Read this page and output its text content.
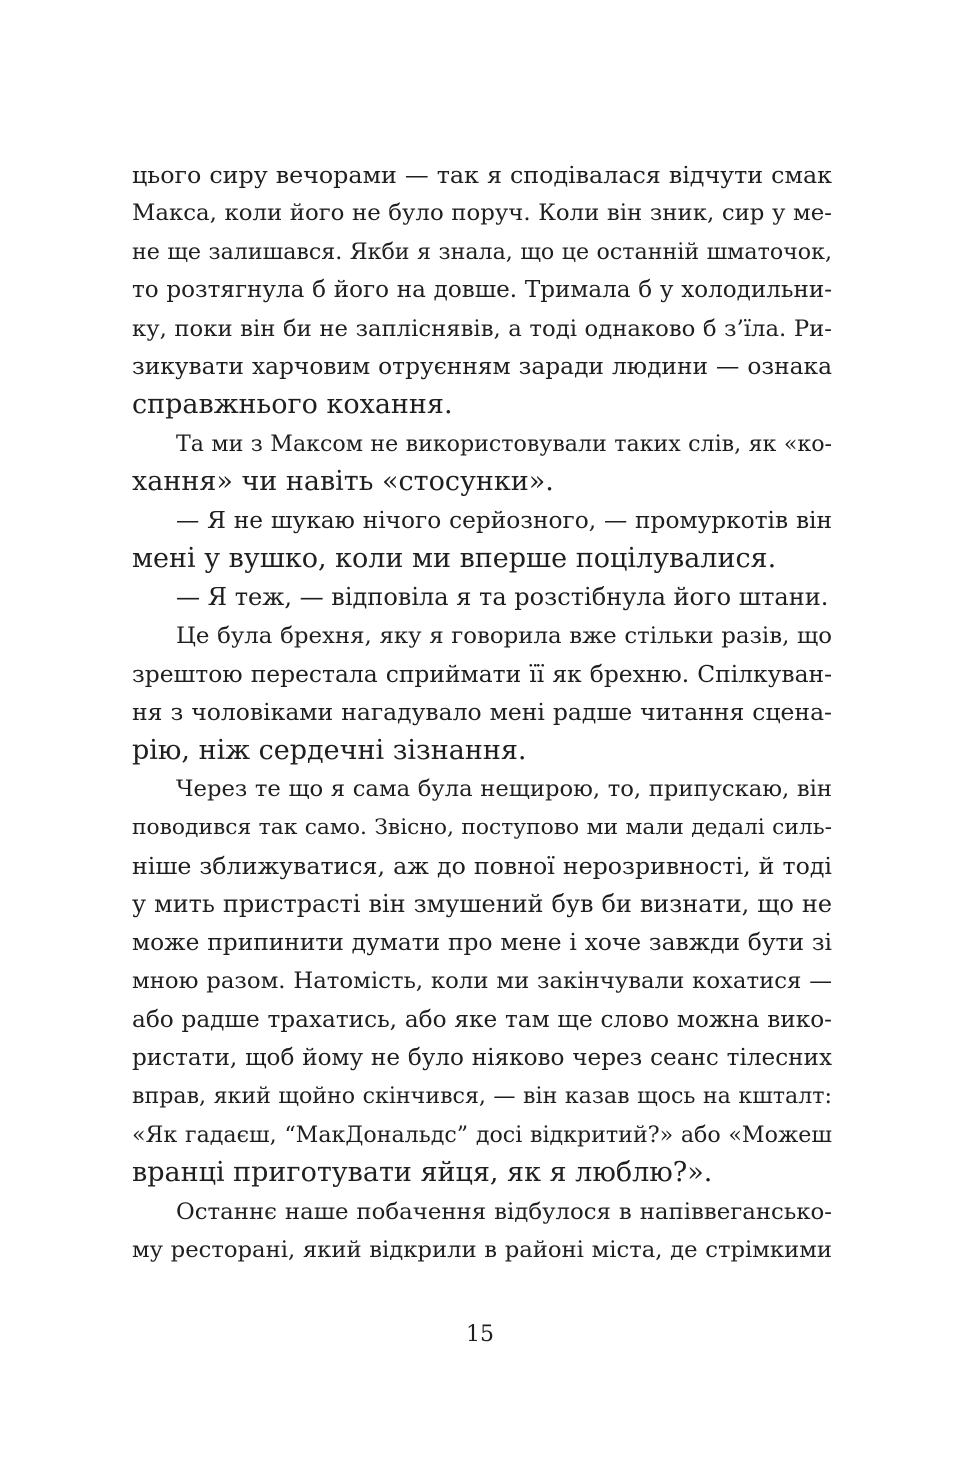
цього сиру вечорами — так я сподівалася відчути смак
Макса, коли його не було поруч. Коли він зник, сир у ме-
не ще залишався. Якби я знала, що це останній шматочок,
то розтягнула б його на довше. Тримала б у холодильни-
ку, поки він би не запліснявів, а тоді однаково б з’їла. Ри-
зикувати харчовим отруєнням заради людини — ознака
справжнього кохання.
Та ми з Максом не використовували таких слів, як «ко-
хання» чи навіть «стосунки».
— Я не шукаю нічого серйозного, — промуркотів він
мені у вушко, коли ми вперше поцілувалися.
— Я теж, — відповіла я та розстібнула його штани.
Це була брехня, яку я говорила вже стільки разів, що
зрештою перестала сприймати її як брехню. Спілкуван-
ня з чоловіками нагадувало мені радше читання сцена-
рію, ніж сердечні зізнання.
Через те що я сама була нещирою, то, припускаю, він
поводився так само. Звісно, поступово ми мали дедалі силь-
ніше зближуватися, аж до повної нерозривності, й тоді
у мить пристрасті він змушений був би визнати, що не
може припинити думати про мене і хоче завжди бути зі
мною разом. Натомість, коли ми закінчували кохатися —
або радше трахатись, або яке там ще слово можна вико-
ристати, щоб йому не було ніяково через сеанс тілесних
вправ, який щойно скінчився, — він казав щось на кшталт:
«Як гадаєш, “МакДональдс” досі відкритий?» або «Можеш
вранці приготувати яйця, як я люблю?».
Останнє наше побачення відбулося в напіввегансько-
му ресторані, який відкрили в районі міста, де стрімкими
15
